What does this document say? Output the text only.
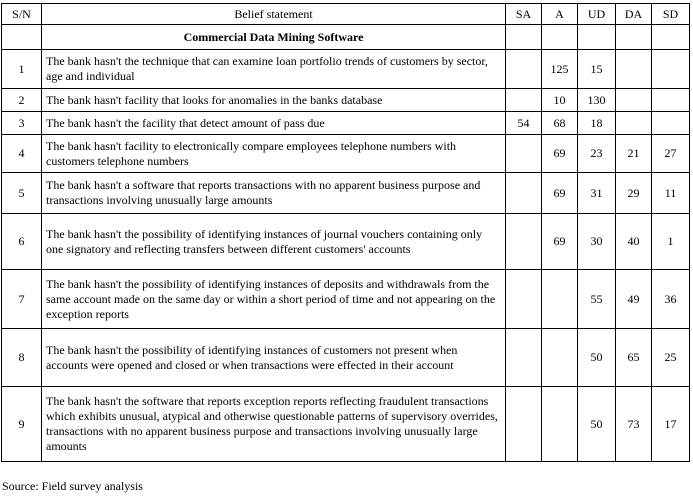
S/N	Belief statement	SA	A	UD	DA	SD
	Commercial Data Mining Software					
1	The bank hasn't the technique that can examine loan portfolio trends of customers by sector, age and individual		125	15		
2	The bank hasn't facility that looks for anomalies in the banks database		10	130		
3	The bank hasn't the facility that detect amount of pass due	54	68	18		
4	The bank hasn't facility to electronically compare employees telephone numbers with customers telephone numbers		69	23	21	27
5	The bank hasn't a software that reports transactions with no apparent business purpose and transactions involving unusually large amounts		69	31	29	11
6	The bank hasn't the possibility of identifying instances of journal vouchers containing only one signatory and reflecting transfers between different customers' accounts		69	30	40	1
7	The bank hasn't the possibility of identifying instances of deposits and withdrawals from the same account made on the same day or within a short period of time and not appearing on the exception reports			55	49	36
8	The bank hasn't the possibility of identifying instances of customers not present when accounts were opened and closed or when transactions were effected in their account			50	65	25
9	The bank hasn't the software that reports exception reports reflecting fraudulent transactions which exhibits unusual, atypical and otherwise questionable patterns of supervisory overrides, transactions with no apparent business purpose and transactions involving unusually large amounts			50	73	17
Source: Field survey analysis
